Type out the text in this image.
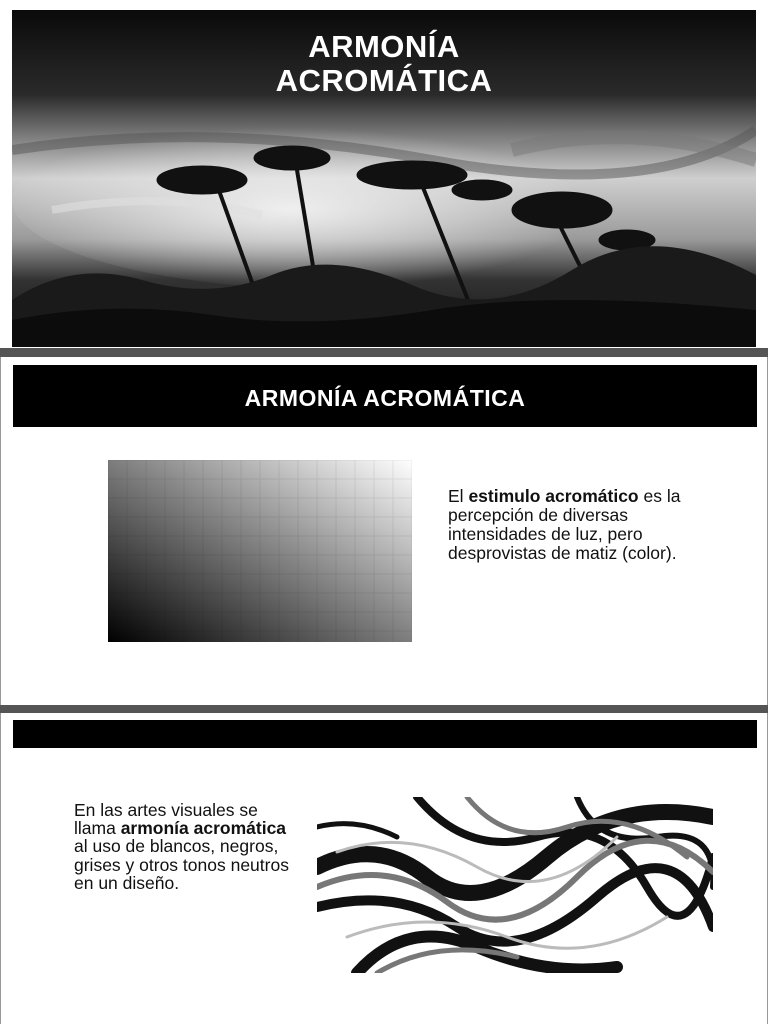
ARMONÍA
ACROMÁTICA
ARMONÍA ACROMÁTICA
El estimulo acromático es la percepción de diversas intensidades de luz, pero desprovistas de matiz (color).
En las artes visuales se llama armonía acromática al uso de blancos, negros, grises y otros tonos neutros en un diseño.
